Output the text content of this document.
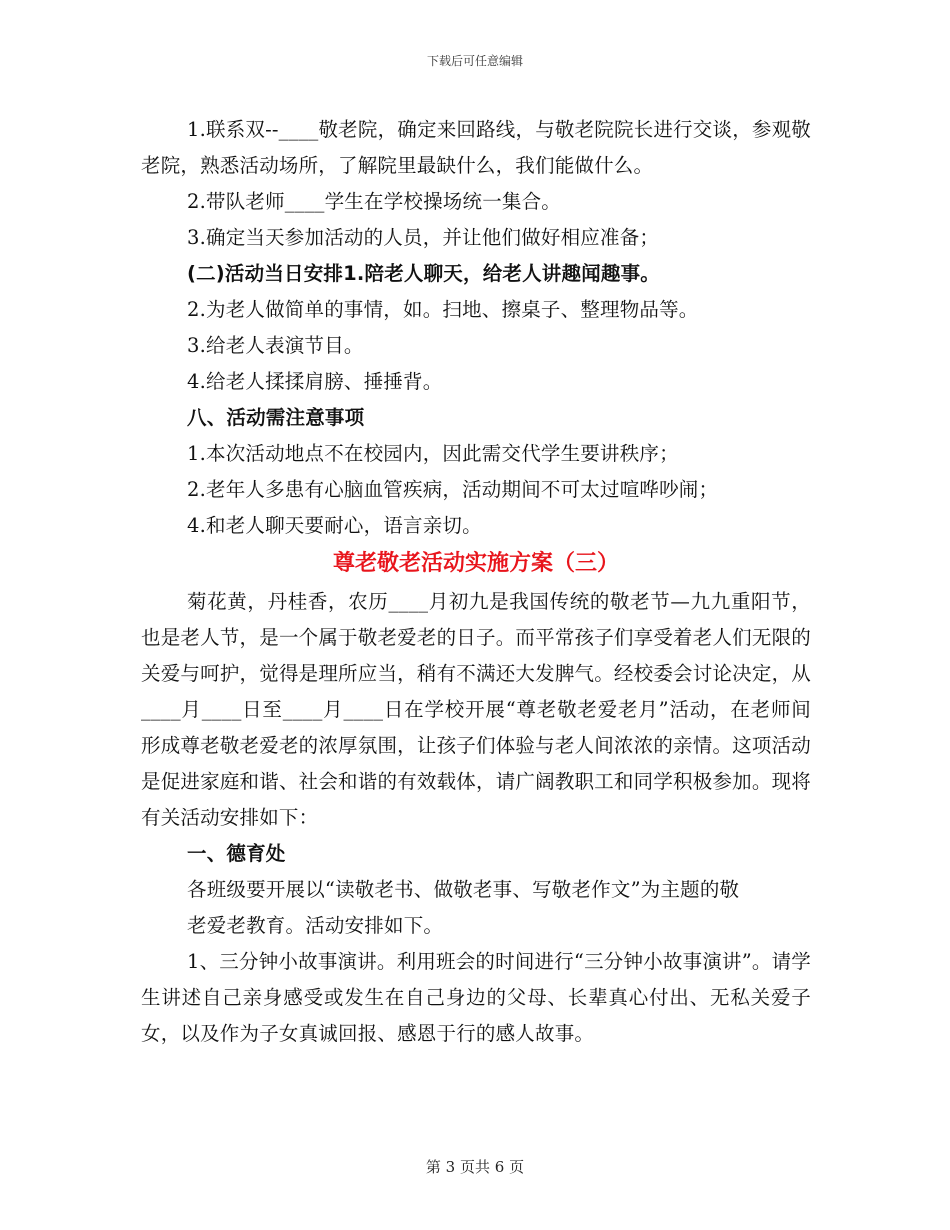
下载后可任意编辑

1.联系双--____敬老院，确定来回路线，与敬老院院长进行交谈，参观敬老院，熟悉活动场所，了解院里最缺什么，我们能做什么。

2.带队老师____学生在学校操场统一集合。

3.确定当天参加活动的人员，并让他们做好相应准备；

(二)活动当日安排1.陪老人聊天，给老人讲趣闻趣事。

2.为老人做简单的事情，如。扫地、擦桌子、整理物品等。

3.给老人表演节目。

4.给老人揉揉肩膀、捶捶背。

八、活动需注意事项

1.本次活动地点不在校园内，因此需交代学生要讲秩序；

2.老年人多患有心脑血管疾病，活动期间不可太过喧哗吵闹；

4.和老人聊天要耐心，语言亲切。

尊老敬老活动实施方案（三）

菊花黄，丹桂香，农历____月初九是我国传统的敬老节—九九重阳节，也是老人节，是一个属于敬老爱老的日子。而平常孩子们享受着老人们无限的关爱与呵护，觉得是理所应当，稍有不满还大发脾气。经校委会讨论决定，从____月____日至____月____日在学校开展“尊老敬老爱老月”活动，在老师间形成尊老敬老爱老的浓厚氛围，让孩子们体验与老人间浓浓的亲情。这项活动是促进家庭和谐、社会和谐的有效载体，请广阔教职工和同学积极参加。现将有关活动安排如下：

一、德育处

各班级要开展以“读敬老书、做敬老事、写敬老作文”为主题的敬

老爱老教育。活动安排如下。

1、三分钟小故事演讲。利用班会的时间进行“三分钟小故事演讲”。请学生讲述自己亲身感受或发生在自己身边的父母、长辈真心付出、无私关爱子女，以及作为子女真诚回报、感恩于行的感人故事。

第 3 页共 6 页
